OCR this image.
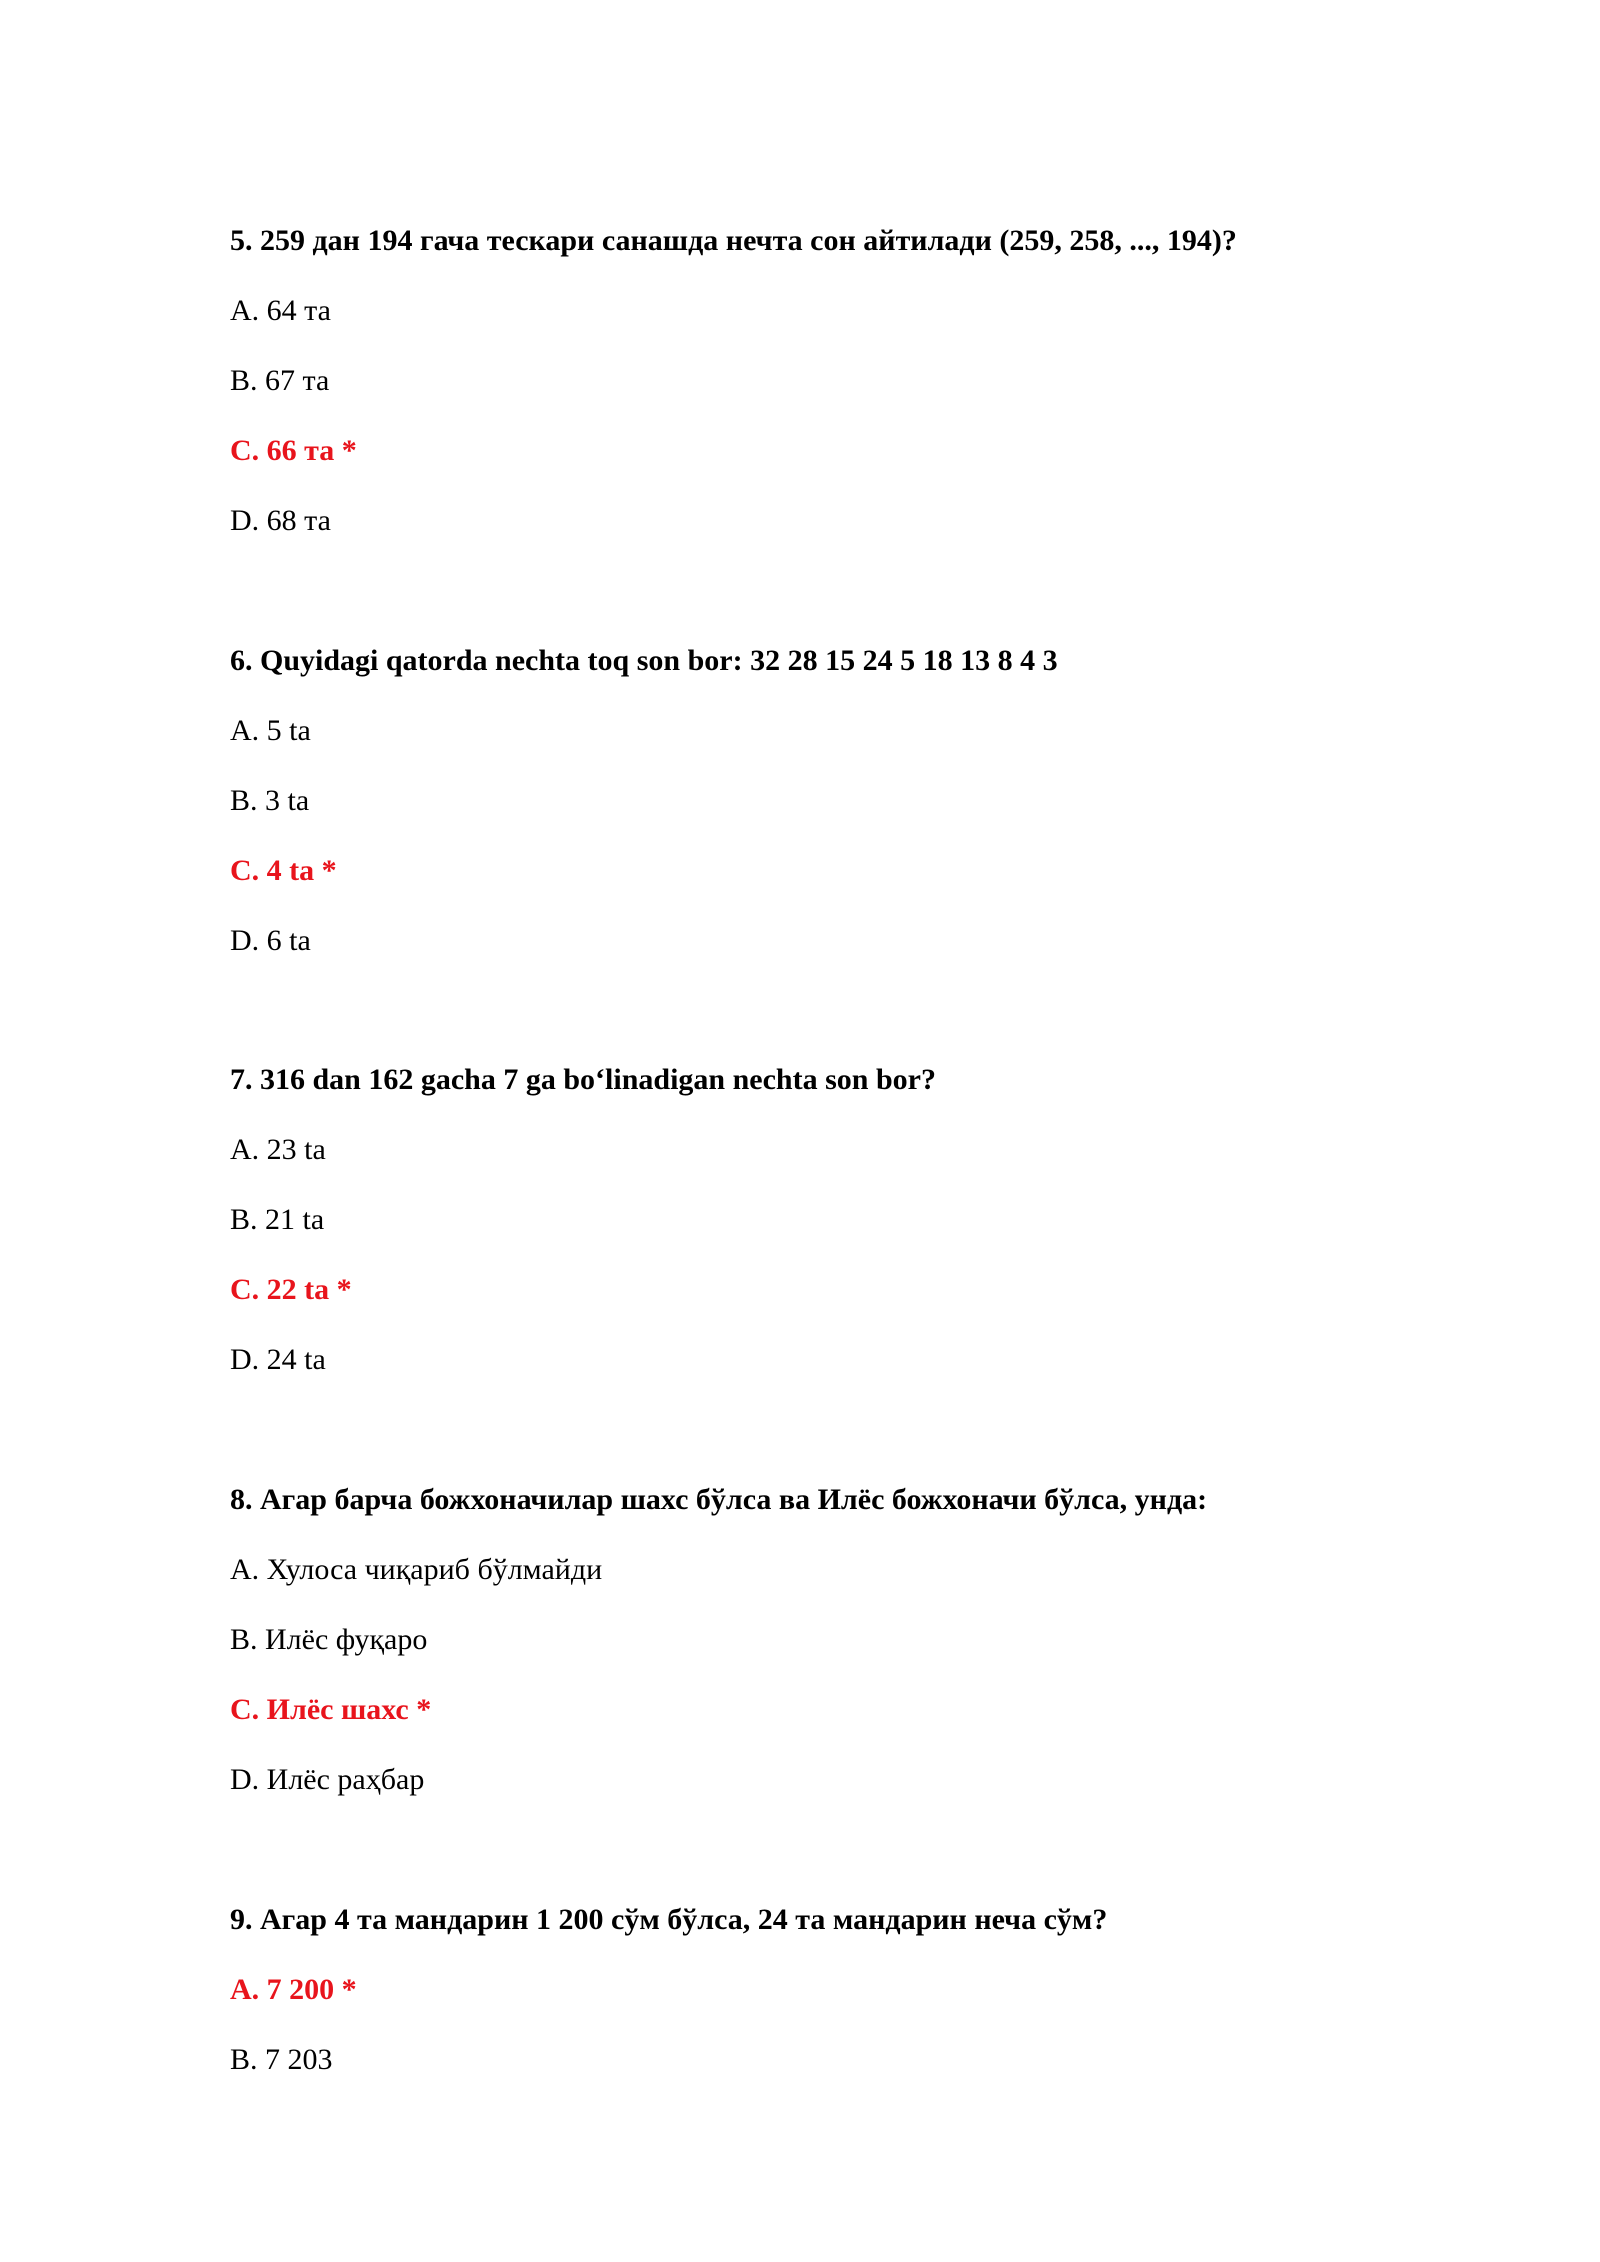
5. 259 дан 194 гача тескари санашда нечта сон айтилади (259, 258, ..., 194)?

A. 64 та
B. 67 та
C. 66 та *
D. 68 та

6. Quyidagi qatorda nechta toq son bor: 32 28 15 24 5 18 13 8 4 3

A. 5 ta
B. 3 ta
C. 4 ta *
D. 6 ta

7. 316 dan 162 gacha 7 ga bo‘linadigan nechta son bor?

A. 23 ta
B. 21 ta
C. 22 ta *
D. 24 ta

8. Агар барча божхоначилар шахс бўлса ва Илёс божхоначи бўлса, унда:

A. Хулоса чиқариб бўлмайди
B. Илёс фуқаро
C. Илёс шахс *
D. Илёс раҳбар

9. Агар 4 та мандарин 1 200 сўм бўлса, 24 та мандарин неча сўм?

A. 7 200 *
B. 7 203
